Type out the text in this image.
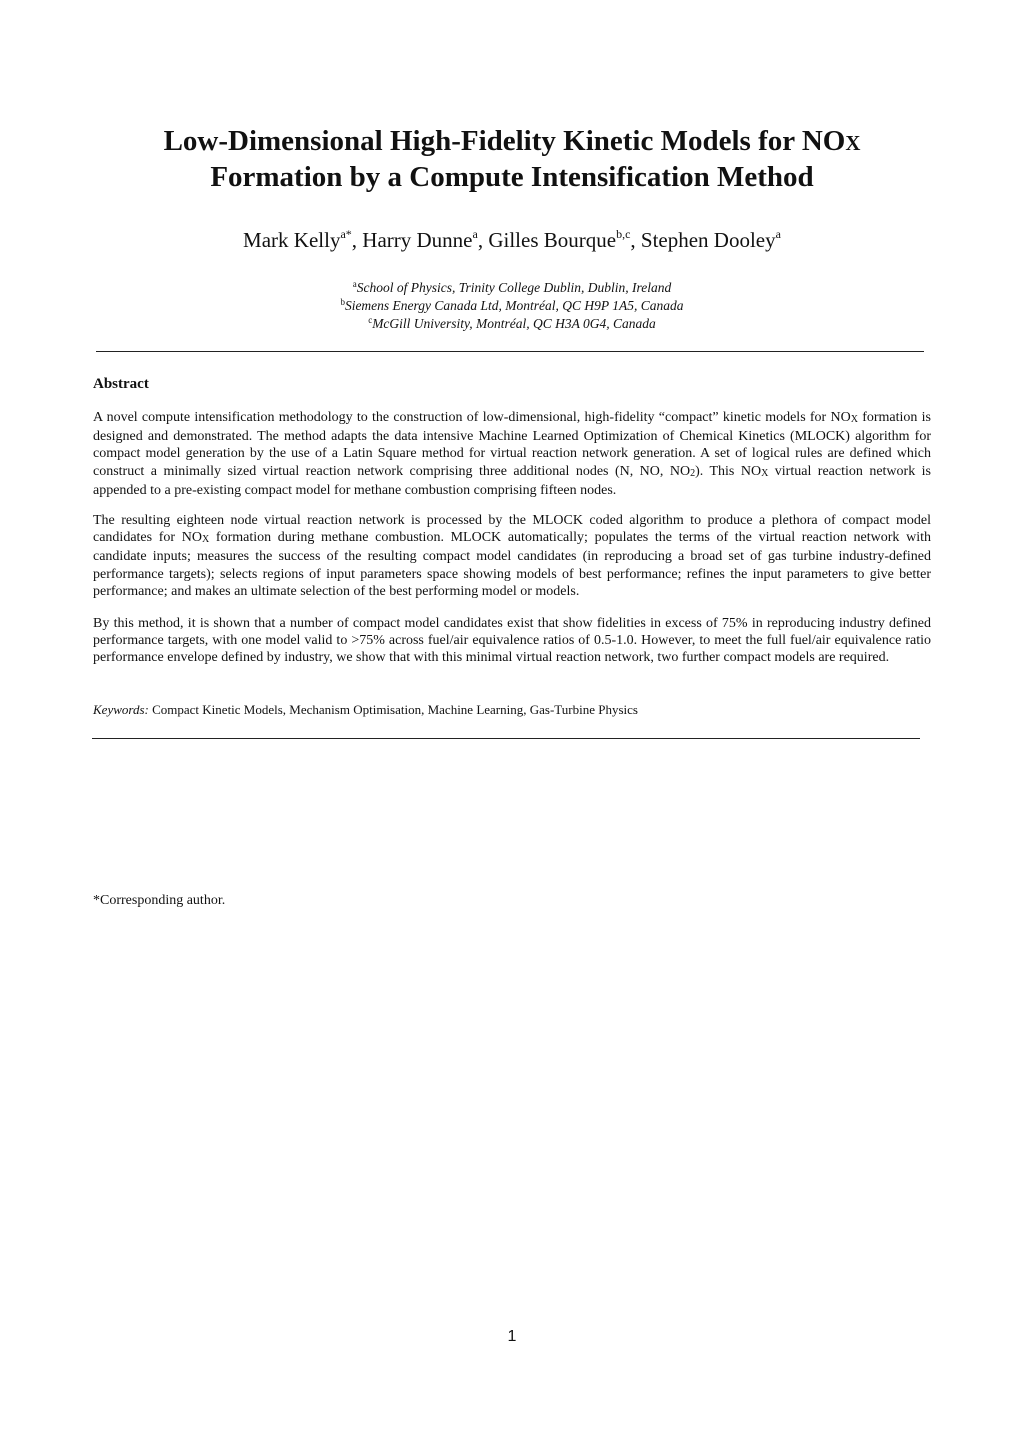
Low-Dimensional High-Fidelity Kinetic Models for NOX
Formation by a Compute Intensification Method
Mark Kelly$^{a*}$, Harry Dunne$^a$, Gilles Bourque$^{b,c}$, Stephen Dooley$^a$
$^a$School of Physics, Trinity College Dublin, Dublin, Ireland
$^b$Siemens Energy Canada Ltd, Montréal, QC H9P 1A5, Canada
$^c$McGill University, Montréal, QC H3A 0G4, Canada
Abstract

A novel compute intensification methodology to the construction of low-dimensional, high-fidelity “compact” kinetic models for NOX formation is designed and demonstrated. The method adapts the data intensive Machine Learned Optimization of Chemical Kinetics (MLOCK) algorithm for compact model generation by the use of a Latin Square method for virtual reaction network generation. A set of logical rules are defined which construct a minimally sized virtual reaction network comprising three additional nodes (N, NO, NO2). This NOX virtual reaction network is appended to a pre-existing compact model for methane combustion comprising fifteen nodes.

The resulting eighteen node virtual reaction network is processed by the MLOCK coded algorithm to produce a plethora of compact model candidates for NOX formation during methane combustion. MLOCK automatically; populates the terms of the virtual reaction network with candidate inputs; measures the success of the resulting compact model candidates (in reproducing a broad set of gas turbine industry-defined performance targets); selects regions of input parameters space showing models of best performance; refines the input parameters to give better performance; and makes an ultimate selection of the best performing model or models.

By this method, it is shown that a number of compact model candidates exist that show fidelities in excess of 75% in reproducing industry defined performance targets, with one model valid to >75% across fuel/air equivalence ratios of 0.5-1.0. However, to meet the full fuel/air equivalence ratio performance envelope defined by industry, we show that with this minimal virtual reaction network, two further compact models are required.

Keywords: Compact Kinetic Models, Mechanism Optimisation, Machine Learning, Gas-Turbine Physics
*Corresponding author.
1
